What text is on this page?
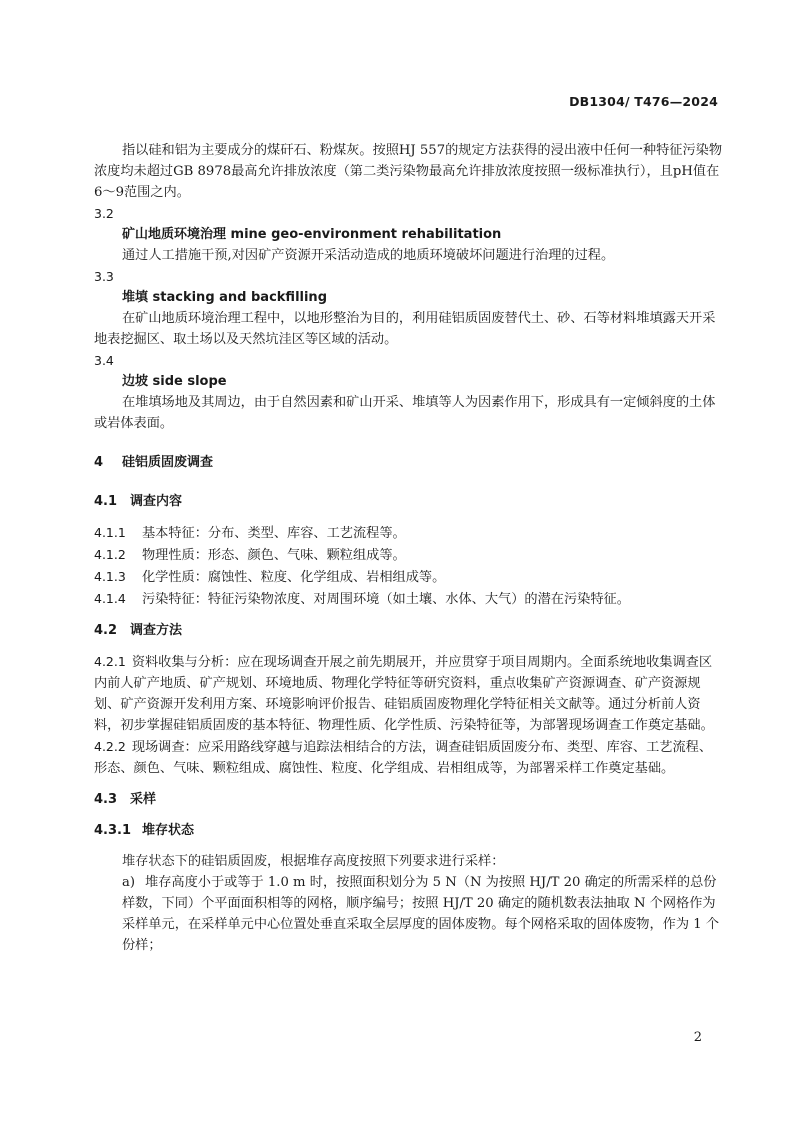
DB1304/ T476—2024

指以硅和铝为主要成分的煤矸石、粉煤灰。按照HJ 557的规定方法获得的浸出液中任何一种特征污染物浓度均未超过GB 8978最高允许排放浓度（第二类污染物最高允许排放浓度按照一级标准执行），且pH值在6～9范围之内。

3.2

矿山地质环境治理 mine geo-environment rehabilitation

通过人工措施干预,对因矿产资源开采活动造成的地质环境破坏问题进行治理的过程。

3.3

堆填 stacking and backfilling

在矿山地质环境治理工程中，以地形整治为目的，利用硅铝质固废替代土、砂、石等材料堆填露天开采地表挖掘区、取土场以及天然坑洼区等区域的活动。

3.4

边坡 side slope

在堆填场地及其周边，由于自然因素和矿山开采、堆填等人为因素作用下，形成具有一定倾斜度的土体或岩体表面。

4 硅铝质固废调查

4.1 调查内容

4.1.1 基本特征：分布、类型、库容、工艺流程等。

4.1.2 物理性质：形态、颜色、气味、颗粒组成等。

4.1.3 化学性质：腐蚀性、粒度、化学组成、岩相组成等。

4.1.4 污染特征：特征污染物浓度、对周围环境（如土壤、水体、大气）的潜在污染特征。

4.2 调查方法

4.2.1 资料收集与分析：应在现场调查开展之前先期展开，并应贯穿于项目周期内。全面系统地收集调查区内前人矿产地质、矿产规划、环境地质、物理化学特征等研究资料，重点收集矿产资源调查、矿产资源规划、矿产资源开发利用方案、环境影响评价报告、硅铝质固废物理化学特征相关文献等。通过分析前人资料，初步掌握硅铝质固废的基本特征、物理性质、化学性质、污染特征等，为部署现场调查工作奠定基础。

4.2.2 现场调查：应采用路线穿越与追踪法相结合的方法，调查硅铝质固废分布、类型、库容、工艺流程、形态、颜色、气味、颗粒组成、腐蚀性、粒度、化学组成、岩相组成等，为部署采样工作奠定基础。

4.3 采样

4.3.1 堆存状态

堆存状态下的硅铝质固废，根据堆存高度按照下列要求进行采样：

a) 堆存高度小于或等于 1.0 m 时，按照面积划分为 5 N（N 为按照 HJ/T 20 确定的所需采样的总份样数，下同）个平面面积相等的网格，顺序编号；按照 HJ/T 20 确定的随机数表法抽取 N 个网格作为采样单元，在采样单元中心位置处垂直采取全层厚度的固体废物。每个网格采取的固体废物，作为 1 个份样；

2
